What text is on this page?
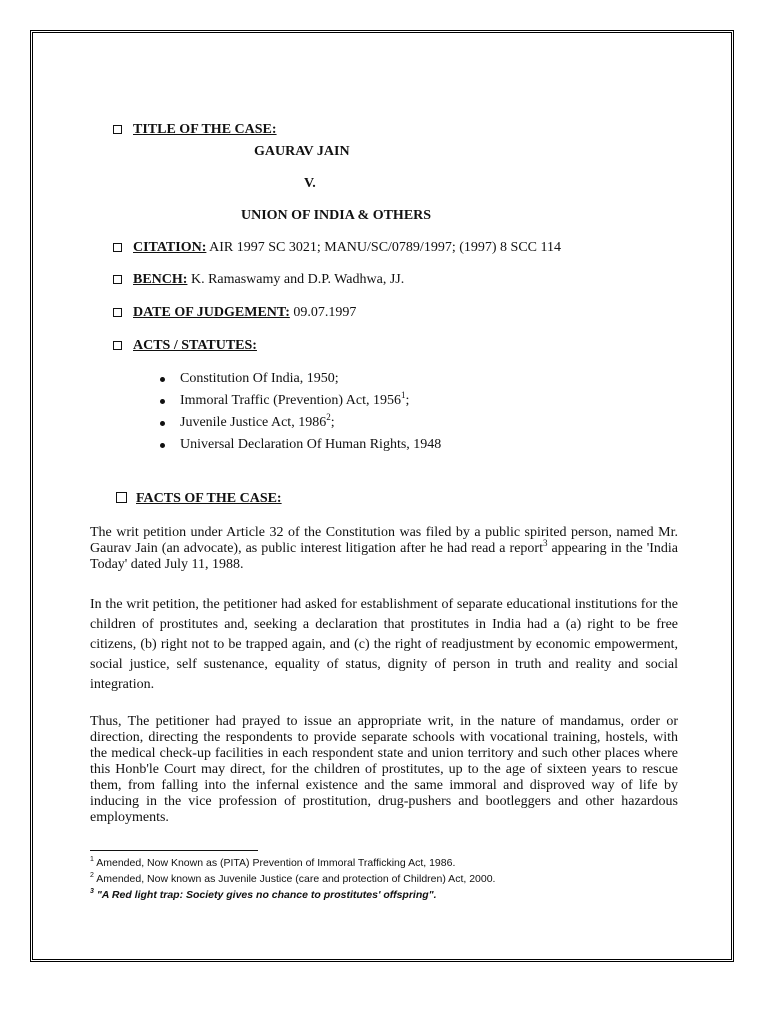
TITLE OF THE CASE:
GAURAV JAIN
V.
UNION OF INDIA & OTHERS
CITATION: AIR 1997 SC 3021; MANU/SC/0789/1997; (1997) 8 SCC 114
BENCH: K. Ramaswamy and D.P. Wadhwa, JJ.
DATE OF JUDGEMENT: 09.07.1997
ACTS / STATUTES:
Constitution Of India, 1950;
Immoral Traffic (Prevention) Act, 1956$^1$;
Juvenile Justice Act, 1986$^2$;
Universal Declaration Of Human Rights, 1948
FACTS OF THE CASE:

The writ petition under Article 32 of the Constitution was filed by a public spirited person, named Mr. Gaurav Jain (an advocate), as public interest litigation after he had read a report$^3$ appearing in the 'India Today' dated July 11, 1988.

In the writ petition, the petitioner had asked for establishment of separate educational institutions for the children of prostitutes and, seeking a declaration that prostitutes in India had a (a) right to be free citizens, (b) right not to be trapped again, and (c) the right of readjustment by economic empowerment, social justice, self sustenance, equality of status, dignity of person in truth and reality and social integration.

Thus, The petitioner had prayed to issue an appropriate writ, in the nature of mandamus, order or direction, directing the respondents to provide separate schools with vocational training, hostels, with the medical check-up facilities in each respondent state and union territory and such other places where this Honb'le Court may direct, for the children of prostitutes, up to the age of sixteen years to rescue them, from falling into the infernal existence and the same immoral and disproved way of life by inducing in the vice profession of prostitution, drug-pushers and bootleggers and other hazardous employments.

$^1$ Amended, Now Known as (PITA) Prevention of Immoral Trafficking Act, 1986.
$^2$ Amended, Now known as Juvenile Justice (care and protection of Children) Act, 2000.
$^3$ "A Red light trap: Society gives no chance to prostitutes' offspring".
